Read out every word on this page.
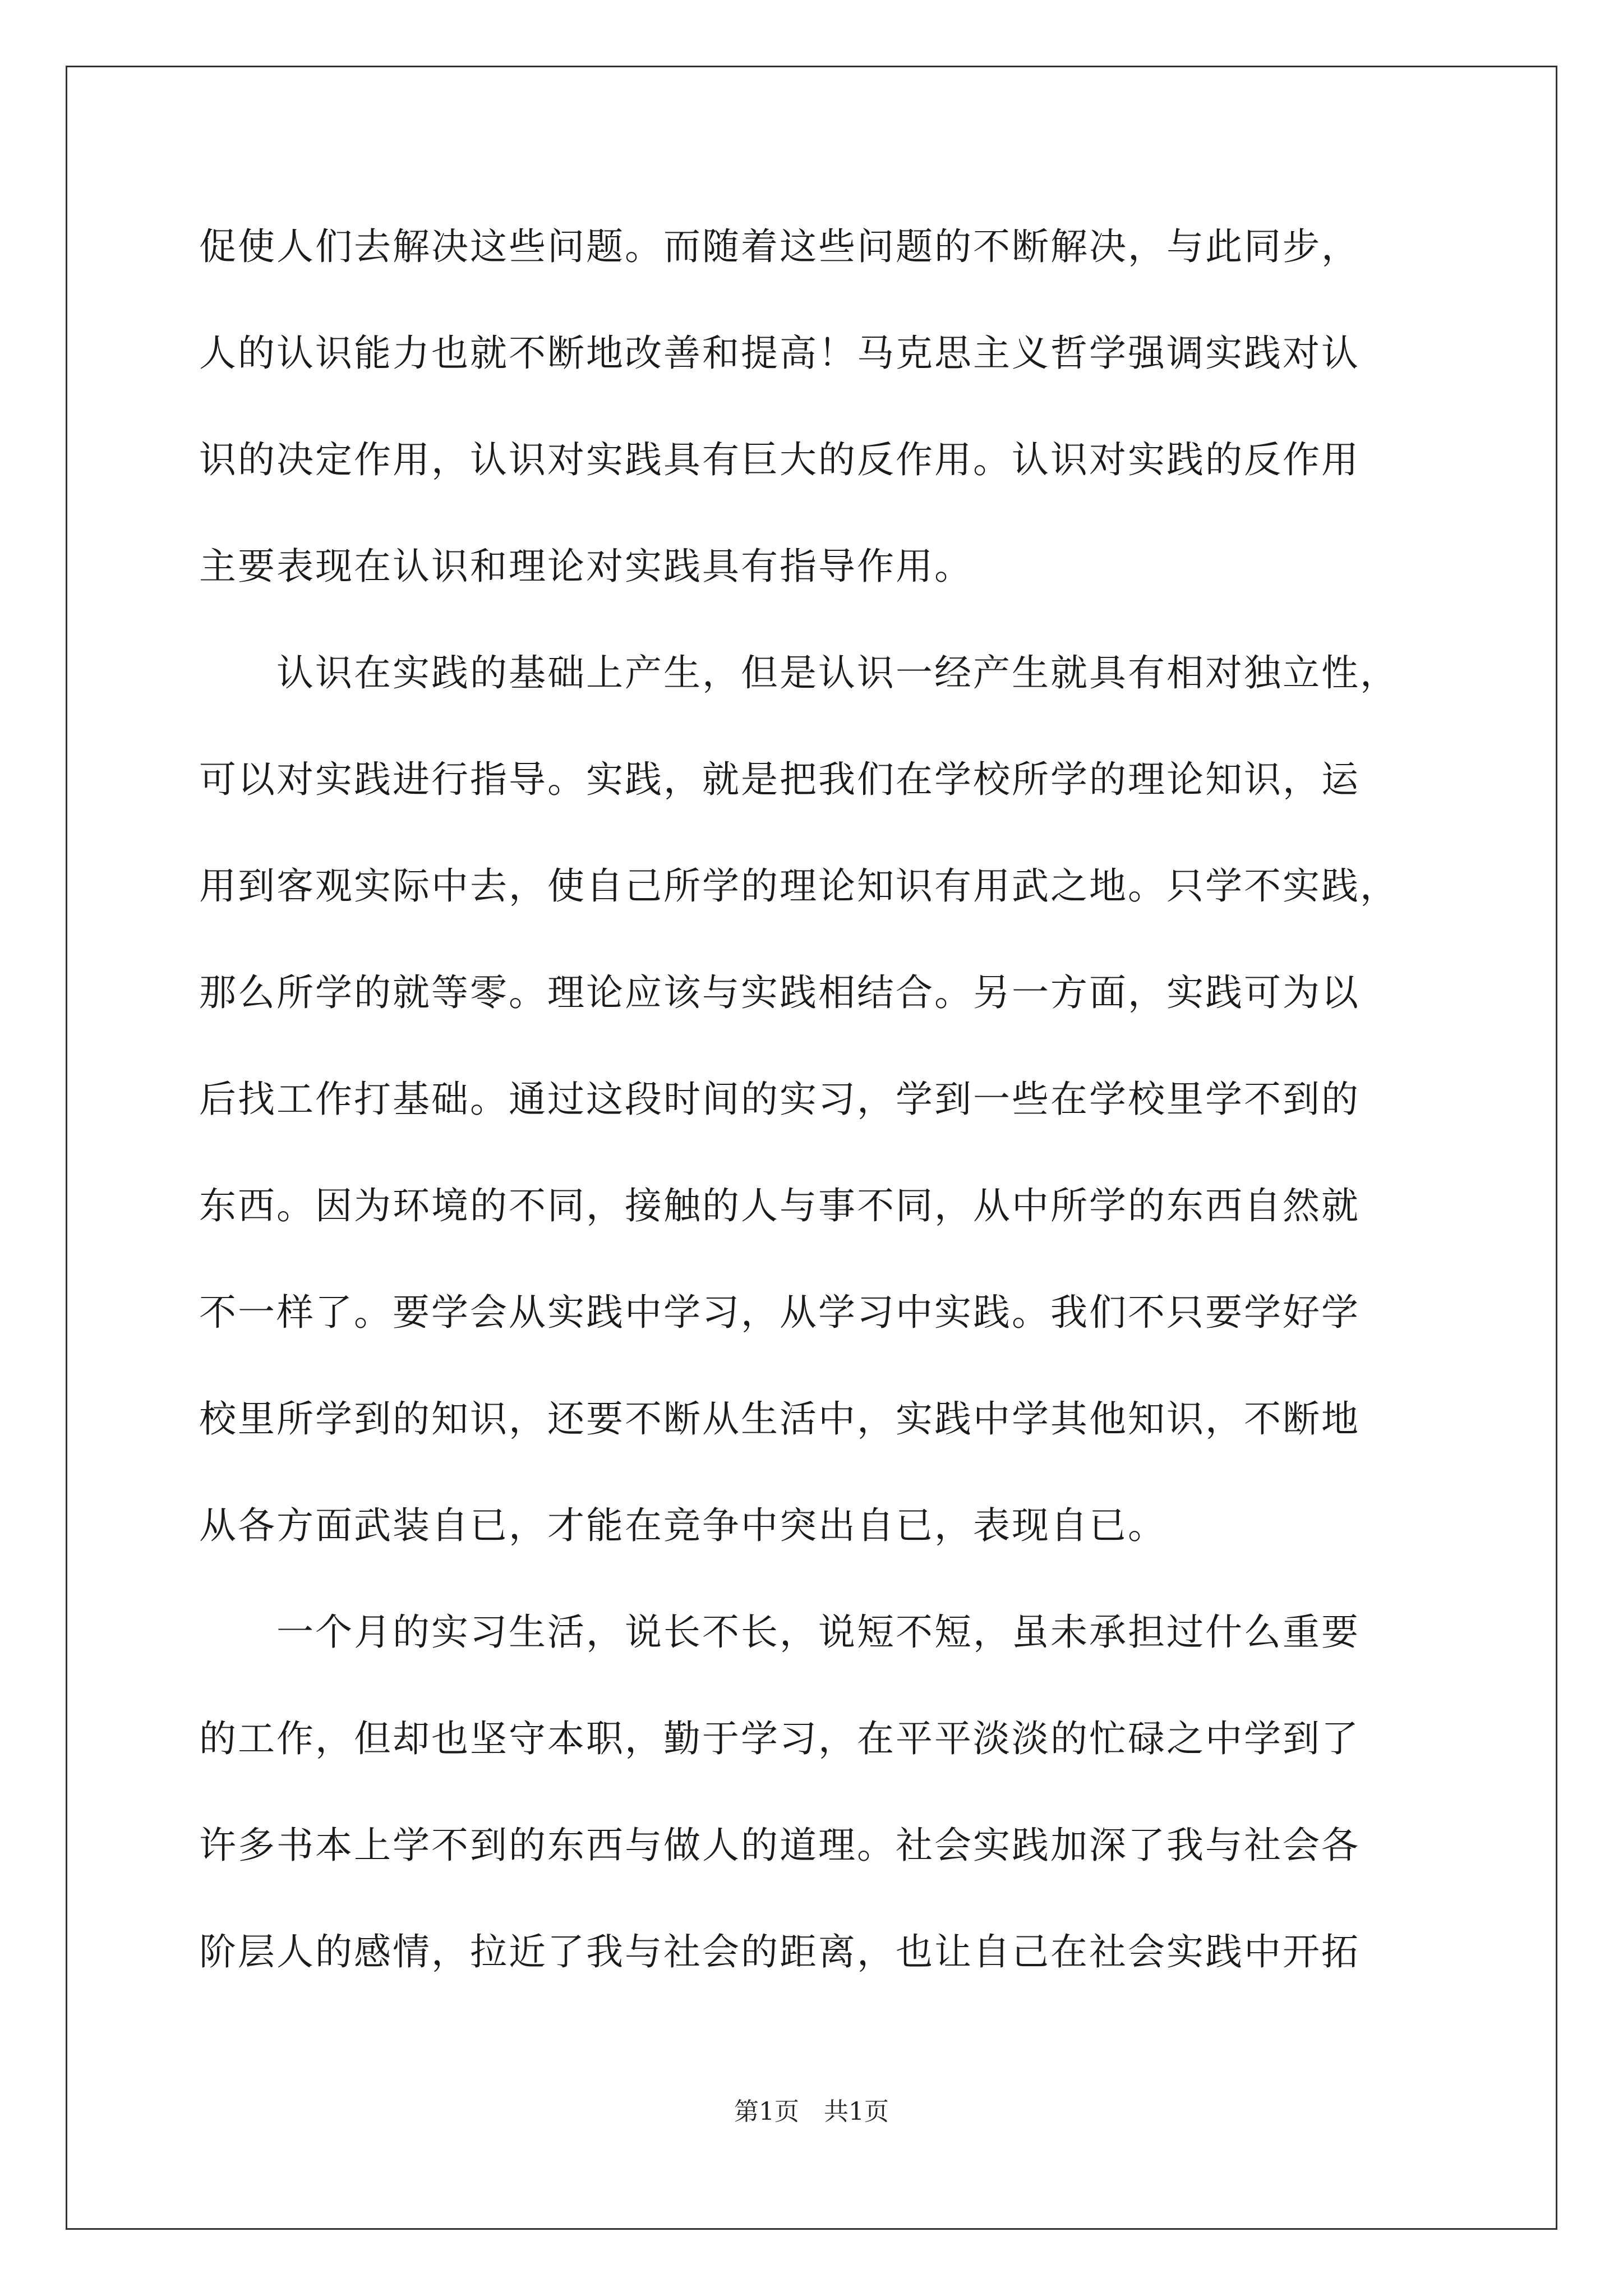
促使人们去解决这些问题。而随着这些问题的不断解决，与此同步，
人的认识能力也就不断地改善和提高！马克思主义哲学强调实践对认
识的决定作用，认识对实践具有巨大的反作用。认识对实践的反作用
主要表现在认识和理论对实践具有指导作用。
　　认识在实践的基础上产生，但是认识一经产生就具有相对独立性，
可以对实践进行指导。实践，就是把我们在学校所学的理论知识，运
用到客观实际中去，使自己所学的理论知识有用武之地。只学不实践，
那么所学的就等零。理论应该与实践相结合。另一方面，实践可为以
后找工作打基础。通过这段时间的实习，学到一些在学校里学不到的
东西。因为环境的不同，接触的人与事不同，从中所学的东西自然就
不一样了。要学会从实践中学习，从学习中实践。我们不只要学好学
校里所学到的知识，还要不断从生活中，实践中学其他知识，不断地
从各方面武装自已，才能在竞争中突出自已，表现自已。
　　一个月的实习生活，说长不长，说短不短，虽未承担过什么重要
的工作，但却也坚守本职，勤于学习，在平平淡淡的忙碌之中学到了
许多书本上学不到的东西与做人的道理。社会实践加深了我与社会各
阶层人的感情，拉近了我与社会的距离，也让自己在社会实践中开拓
第1页　共1页
